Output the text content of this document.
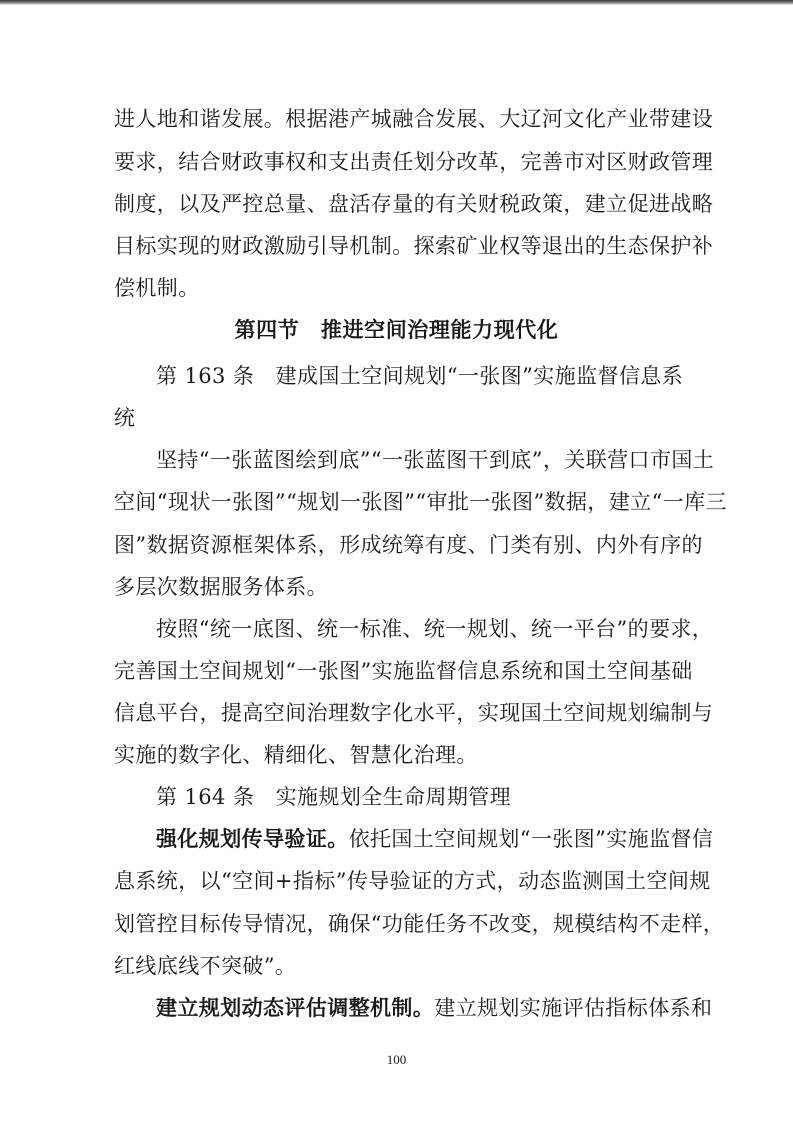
进人地和谐发展。根据港产城融合发展、大辽河文化产业带建设
要求，结合财政事权和支出责任划分改革，完善市对区财政管理
制度，以及严控总量、盘活存量的有关财税政策，建立促进战略
目标实现的财政激励引导机制。探索矿业权等退出的生态保护补
偿机制。
第四节　推进空间治理能力现代化
第 163 条　建成国土空间规划“一张图”实施监督信息系
统
坚持“一张蓝图绘到底”“一张蓝图干到底”，关联营口市国土
空间“现状一张图”“规划一张图”“审批一张图”数据，建立“一库三
图”数据资源框架体系，形成统筹有度、门类有别、内外有序的
多层次数据服务体系。
按照“统一底图、统一标准、统一规划、统一平台”的要求，
完善国土空间规划“一张图”实施监督信息系统和国土空间基础
信息平台，提高空间治理数字化水平，实现国土空间规划编制与
实施的数字化、精细化、智慧化治理。
第 164 条　实施规划全生命周期管理
强化规划传导验证。依托国土空间规划“一张图”实施监督信
息系统，以“空间+指标”传导验证的方式，动态监测国土空间规
划管控目标传导情况，确保“功能任务不改变，规模结构不走样，
红线底线不突破”。
建立规划动态评估调整机制。建立规划实施评估指标体系和
100
